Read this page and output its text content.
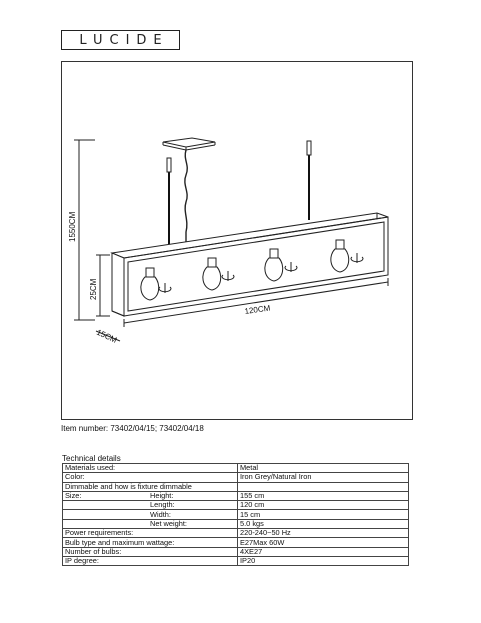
LUCIDE
1550CM
25CM
120CM
15CM
Item number: 73402/04/15; 73402/04/18
Technical details
Materials used:	Metal
Color:	Iron Grey/Natural Iron
Dimmable and how is fixture dimmable	
Size: Height:	155 cm
Length:	120 cm
Width:	15 cm
Net weight:	5.0 kgs
Power requirements:	220-240~50 Hz
Bulb type and maximum wattage:	E27Max 60W
Number of bulbs:	4XE27
IP degree:	IP20
